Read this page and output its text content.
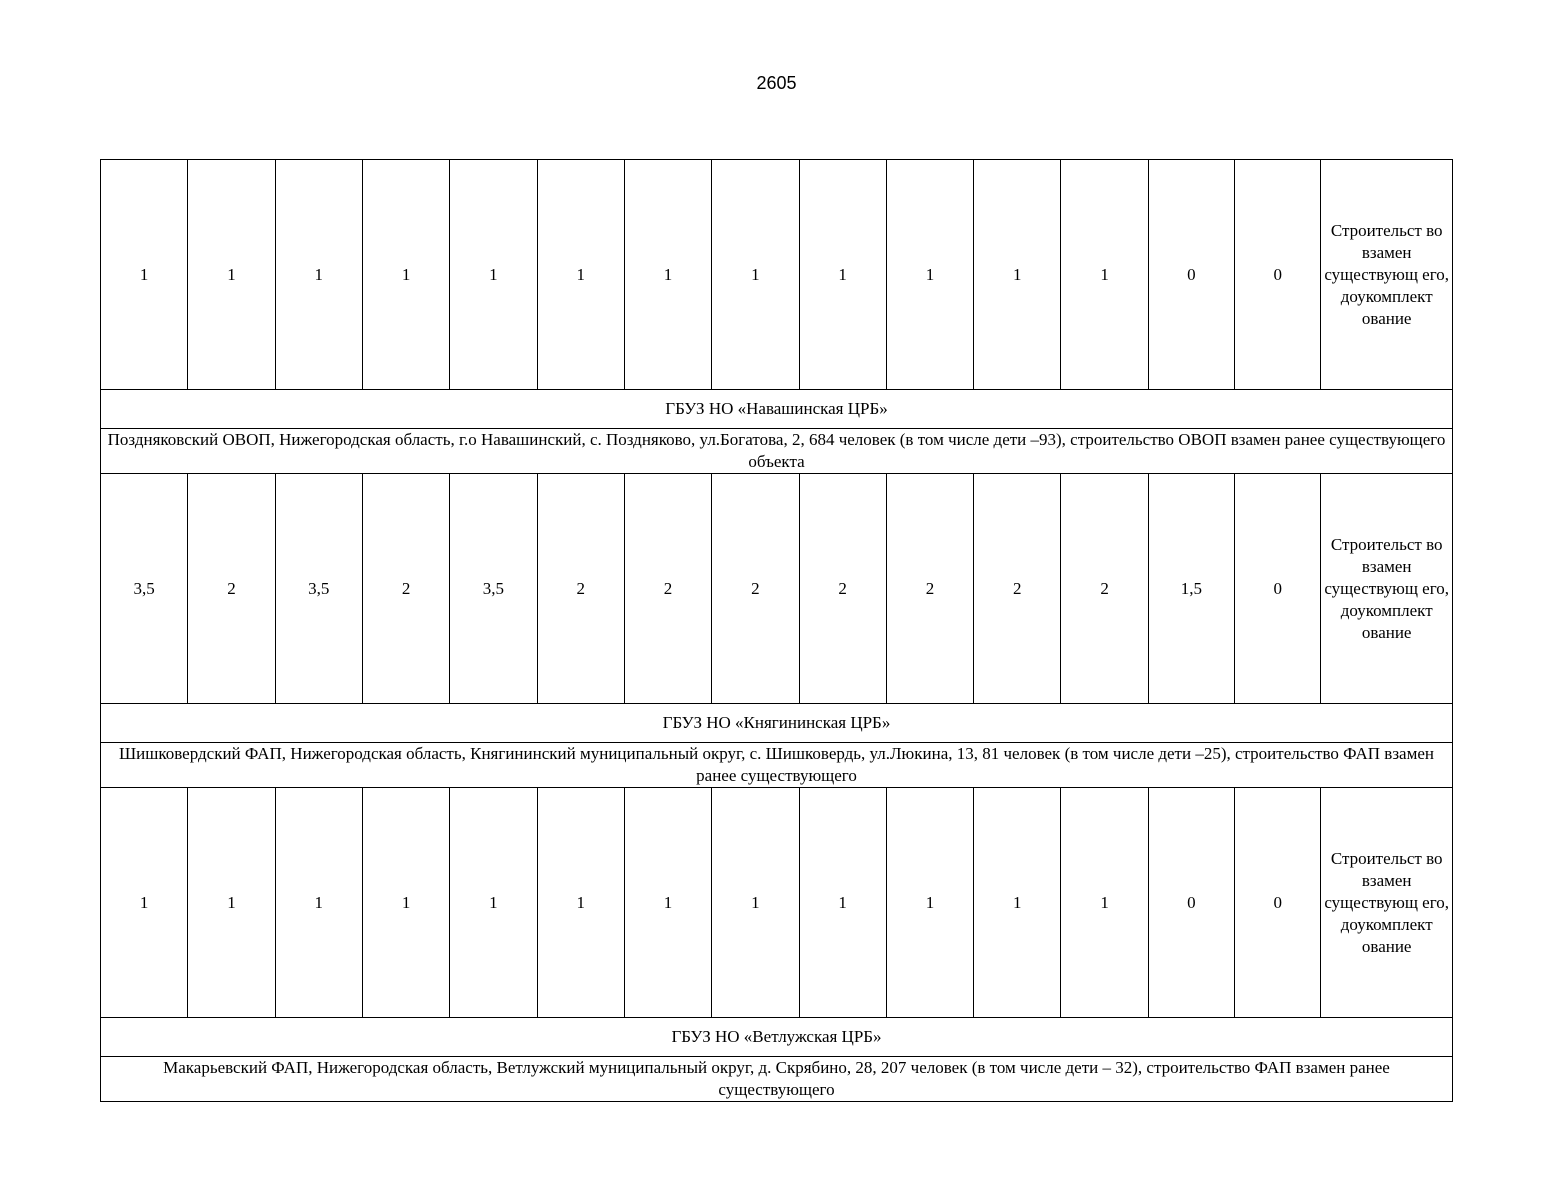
2605
1	1	1	1	1	1	1	1	1	1	1	1	0	0	Строительст во взамен существующ его, доукомплект ование
ГБУЗ НО «Навашинская ЦРБ»														
Поздняковский ОВОП, Нижегородская область, г.о Навашинский, с. Поздняково, ул.Богатова, 2, 684 человек (в том числе дети –93), строительство ОВОП взамен ранее существующего объекта														
3,5	2	3,5	2	3,5	2	2	2	2	2	2	2	1,5	0	Строительст во взамен существующ его, доукомплект ование
ГБУЗ НО «Княгининская ЦРБ»														
Шишковердский ФАП, Нижегородская область, Княгининский муниципальный округ, с. Шишковердь, ул.Люкина, 13, 81 человек (в том числе дети –25), строительство ФАП взамен ранее существующего														
1	1	1	1	1	1	1	1	1	1	1	1	0	0	Строительст во взамен существующ его, доукомплект ование
ГБУЗ НО «Ветлужская ЦРБ»														
Макарьевский ФАП, Нижегородская область, Ветлужский муниципальный округ, д. Скрябино, 28, 207 человек (в том числе дети – 32), строительство ФАП взамен ранее существующего														
